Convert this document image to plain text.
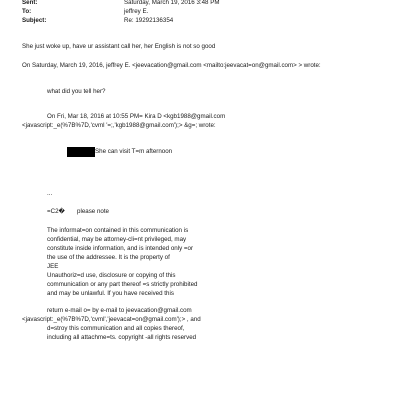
Sent:	Saturday, March 19, 2016 3:48 PM
To:	jeffrey E.
Subject:	Re: 19292136354
She just woke up, have ur assistant call her, her English is not so good
On Saturday, March 19, 2016, jeffrey E. <jeevacation@gmail.com <mailto:jeevacat=on@gmail.com> > wrote:
what did you tell her?
On Fri, Mar 18, 2016 at 10:55 PM= Kira D <kgb1988@gmail.com
<javascript:_e(%7B%7D,'cvml '=;,'kgb1988@gmail.com');> &g=; wrote:
She can visit T=m afternoon
...
=C2� please note
The informat=on contained in this communication is
confidential, may be attorney-cli=nt privileged, may
constitute inside information, and is intended only =or
the use of the addressee. It is the property of
JEE
Unauthoriz=d use, disclosure or copying of this
communication or any part thereof =s strictly prohibited
and may be unlawful. If you have received this
return e-mail o= by e-mail to jeevacation@gmail.com
<javascript:_e(%7B%7D,'cvml','jeevacat=on@gmail.com');> , and
d=stroy this communication and all copies thereof,
including all attachme=ts. copyright -all rights reserved
